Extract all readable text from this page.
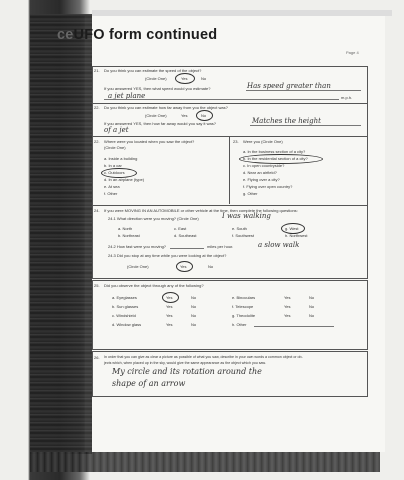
ceUFO form continued
Page 4
21. Do you think you can estimate the speed of the object?
(Circle One)	Yes	No
If you answered YES, then what speed would you estimate?	Has speed greater than
a jet plane	m.p.h.
22. Do you think you can estimate how far away from you the object was?
(Circle One)	Yes	No
If you answered YES, then how far away would you say it was?	Matches the height
of a jet
22. Where were you located when you saw the object?
(Circle One)
a. Inside a building
b. In a car
c. Outdoors
d. In an airplane (type)
e. At sea
f. Other
23. Were you (Circle One)
a. In the business section of a city?
b. In the residential section of a city?
c. In open countryside?
d. Near an airfield?
e. Flying over a city?
f. Flying over open country?
g. Other
24. If you were MOVING IN AN AUTOMOBILE or other vehicle at the time, then complete the following questions:
24.1 What direction were you moving? (Circle One)	I was walking
a. North
b. Northeast
c. East
d. Southeast
e. South
f. Southwest
g. West
h. Northwest
24.2 How fast were you moving?	miles per hour.	a slow walk
24.3 Did you stop at any time while you were looking at the object?
(Circle One)	Yes	No
25. Did you observe the object through any of the following?
a. Eyeglasses	Yes	No
b. Sun glasses	Yes	No
c. Windshield	Yes	No
d. Window glass	Yes	No
e. Binoculars	Yes	No
f. Telescope	Yes	No
g. Theodolite	Yes	No
h. Other
26. In order that you can give as clear a picture as possible of what you saw, describe in your own words a common object or ob-
jects which, when placed up in the sky, would give the same appearance as the object which you saw.
My circle and its rotation around the
shape of an arrow
